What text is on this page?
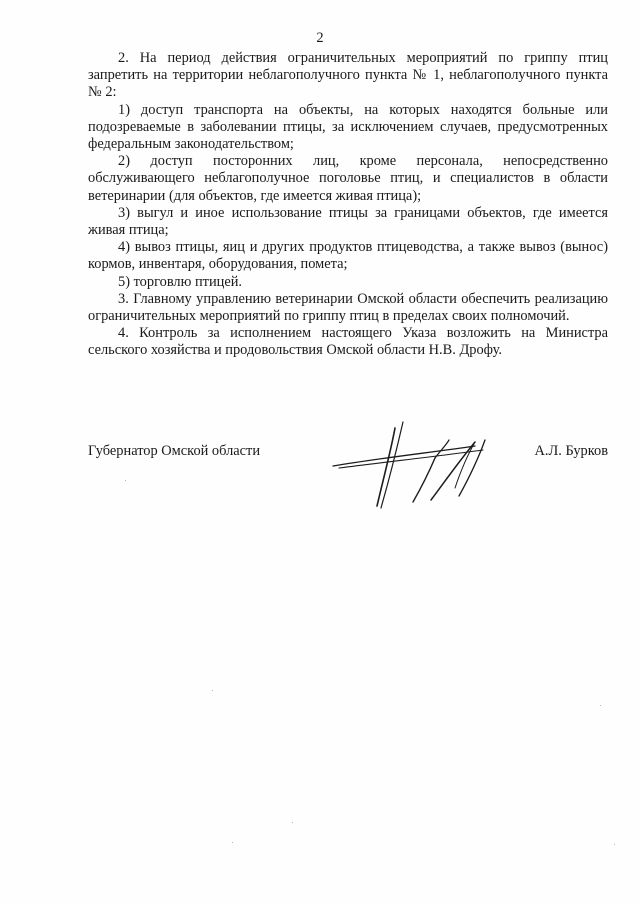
2

2. На период действия ограничительных мероприятий по гриппу птиц запретить на территории неблагополучного пункта № 1, неблагополучного пункта № 2:

1) доступ транспорта на объекты, на которых находятся больные или подозреваемые в заболевании птицы, за исключением случаев, предусмотренных федеральным законодательством;

2) доступ посторонних лиц, кроме персонала, непосредственно обслуживающего неблагополучное поголовье птиц, и специалистов в области ветеринарии (для объектов, где имеется живая птица);

3) выгул и иное использование птицы за границами объектов, где имеется живая птица;

4) вывоз птицы, яиц и других продуктов птицеводства, а также вывоз (вынос) кормов, инвентаря, оборудования, помета;

5) торговлю птицей.

3. Главному управлению ветеринарии Омской области обеспечить реализацию ограничительных мероприятий по гриппу птиц в пределах своих полномочий.

4. Контроль за исполнением настоящего Указа возложить на Министра сельского хозяйства и продовольствия Омской области Н.В. Дрофу.

Губернатор Омской области	А.Л. Бурков
